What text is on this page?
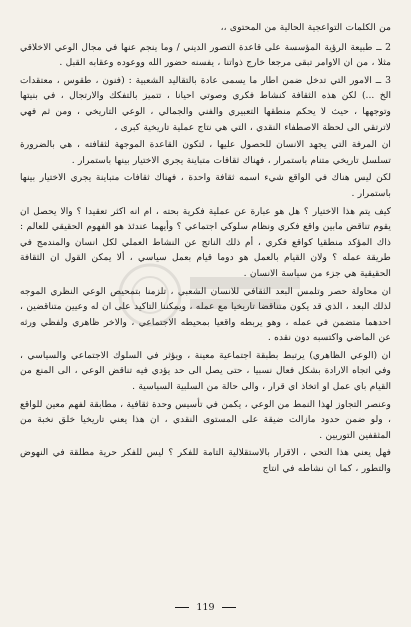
من الكلمات التواعجية الحالية من المحتوى ،،

2 ــ طبيعة الرؤية المؤسسة على قاعدة التصور الديني / وما ينجم عنها في مجال الوعي الاخلاقي مثلا ، من ان الاوامر تبقى مرجعا خارج ذواتنا ، يفسنه حضور الله ووعوده وعقابه القبل .

3 ــ الامور التي تدخل ضمن اطار ما يسمى عادة بالتقاليد الشعبية : (فنون ، طقوس ، معتقدات الخ ...) لكن هذه الثقافة كنشاط فكري وصوتي احيانا ، تتميز بالتفكك والارتجال ، في بنيتها وتوجهها ، حيث لا يحكم منطقها التعبيري والفني والجمالي ، الوعي التاريخي ، ومن ثم فهي لاترتقي الى لحظة الاصطفاء النقدي ، التي هي نتاج عملية تاريخية كبرى ،

ان المرفة التي يجهد الانسان للحصول عليها ، لتكون القاعدة الموجهة لثقافته ، هي بالضرورة تسلسل تاريخي متنام باستمرار ، فهناك ثقافات متباينة يجري الاختيار بينها باستمرار .

لكن ليس هناك في الواقع شيء اسمه ثقافة واحدة ، فهناك ثقافات متباينة يجري الاختيار بينها باستمرار .

كيف يتم هذا الاختيار ؟ هل هو عبارة عن عملية فكرية بحته ، ام انه اكثر تعقيدا ؟ والا يحصل ان يقوم تناقض مابين واقع فكري ونظام سلوكي اجتماعي ؟ وأيهما عندئذ هو الفهوم الحقيقي للعالم : ذاك المؤكد منطقيا كواقع فكري ، أم ذلك الناتج عن النشاط العملي لكل انسان والمندمج في طريقة عمله ؟ ولان القيام بالعمل هو دوما قيام بعمل سياسي ، ألا يمكن القول ان الثقافة الحقيقية هي جزء من سياسة الانسان .

ان محاولة حصر وتلمس البعد الثقافي للانسان الشعبي ، تلزمنا بتمحيص الوعي النظري الموجه لذلك البعد ، الذي قد يكون متناقضا تاريخيا مع عمله ، ويمكننا التاكيد على ان له وعيين متناقضين ، احدهما متضمن في عمله ، وهو يربطه واقعيا بمحيطه الاجتماعي ، والاخر ظاهري ولفظي ورثه عن الماضي واكتسبه دون نقده .

ان (الوعي الظاهري) يرتبط بطبقة اجتماعية معينة ، ويؤثر في السلوك الاجتماعي والسياسي ، وفي اتجاه الارادة بشكل فعال نسبيا ، حتى يصل الى حد يؤدي فيه تناقض الوعي ، الى المنع من القيام باي عمل او اتخاذ اي قرار ، والى حالة من السلبية السياسية .

وعنصر التجاوز لهذا النمط من الوعي ، يكمن في تأسيس وحدة ثقافية ، مطابقة لفهم معين للواقع ، ولو ضمن حدود مازالت ضيقة على المستوى النقدي ، ان هذا يعني تاريخيا خلق نخبة من المثقفين التوريين .

فهل يعني هذا التحي ، الاقرار بالاستقلالية التامة للفكر ؟ ليس للفكر حرية مطلقة في النهوض والتطور ، كما ان نشاطه في انتاج

119
